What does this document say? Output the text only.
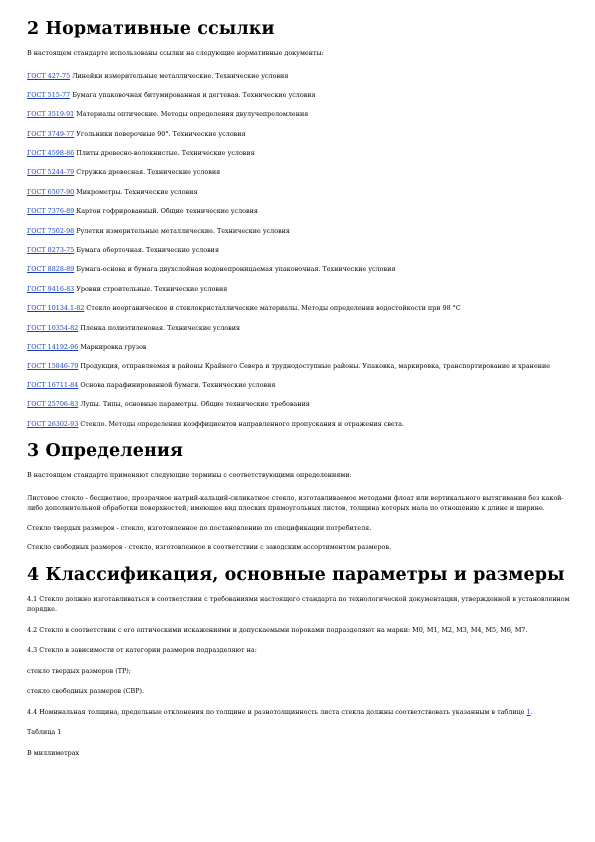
2 Нормативные ссылки
В настоящем стандарте использованы ссылки на следующие нормативные документы:
ГОСТ 427-75 Линейки измерительные металлические. Технические условия
ГОСТ 515-77 Бумага упаковочная битумированная и дегтевая. Технические условия
ГОСТ 3519-91 Материалы оптические. Методы определения двулучепреломления
ГОСТ 3749-77 Угольники поверочные 90°. Технические условия
ГОСТ 4598-86 Плиты древесно-волокнистые. Технические условия
ГОСТ 5244-79 Стружка древесная. Технические условия
ГОСТ 6507-90 Микрометры. Технические условия
ГОСТ 7376-89 Картон гофрированный. Общие технические условия
ГОСТ 7502-98 Рулетки измерительные металлические. Технические условия
ГОСТ 8273-75 Бумага оберточная. Технические условия
ГОСТ 8828-89 Бумага-основа и бумага двухслойная водонепроницаемая упаковочная. Технические условия
ГОСТ 9416-83 Уровни строительные. Технические условия
ГОСТ 10134.1-82 Стекло неорганическое и стеклокристаллические материалы. Методы определения водостойкости при 98 °С
ГОСТ 10354-82 Пленка полиэтиленовая. Технические условия
ГОСТ 14192-96 Маркировка грузов
ГОСТ 15846-79 Продукция, отправляемая в районы Крайнего Севера и труднодоступные районы. Упаковка, маркировка, транспортирование и хранение
ГОСТ 16711-84 Основа парафинированной бумаги. Технические условия
ГОСТ 25706-83 Лупы. Типы, основные параметры. Общие технические требования
ГОСТ 26302-93 Стекло. Методы определения коэффициентов направленного пропускания и отражения света.
3 Определения
В настоящем стандарте применяют следующие термины с соответствующими определениями:
Листовое стекло - бесцветное, прозрачное натрий-кальций-силикатное стекло, изготавливаемое методами флоат или вертикального вытягивания без какой-либо дополнительной обработки поверхностей, имеющее вид плоских прямоугольных листов, толщина которых мала по отношению к длине и ширине.
Стекло твердых размеров - стекло, изготовленное по постановлению по спецификации потребителя.
Стекло свободных размеров - стекло, изготовленное в соответствии с заводским ассортиментом размеров.
4 Классификация, основные параметры и размеры
4.1 Стекло должно изготавливаться в соответствии с требованиями настоящего стандарта по технологической документации, утвержденной в установленном порядке.
4.2 Стекло в соответствии с его оптическими искажениями и допускаемыми пороками подразделяют на марки: М0, М1, М2, М3, М4, М5, М6, М7.
4.3 Стекло в зависимости от категории размеров подразделяют на:
стекло твердых размеров (ТР);
стекло свободных размеров (СВР).
4.4 Номинальная толщина, предельные отклонения по толщине и разнотолщинность листа стекла должны соответствовать указанным в таблице 1.
Таблица 1
В миллиметрах
